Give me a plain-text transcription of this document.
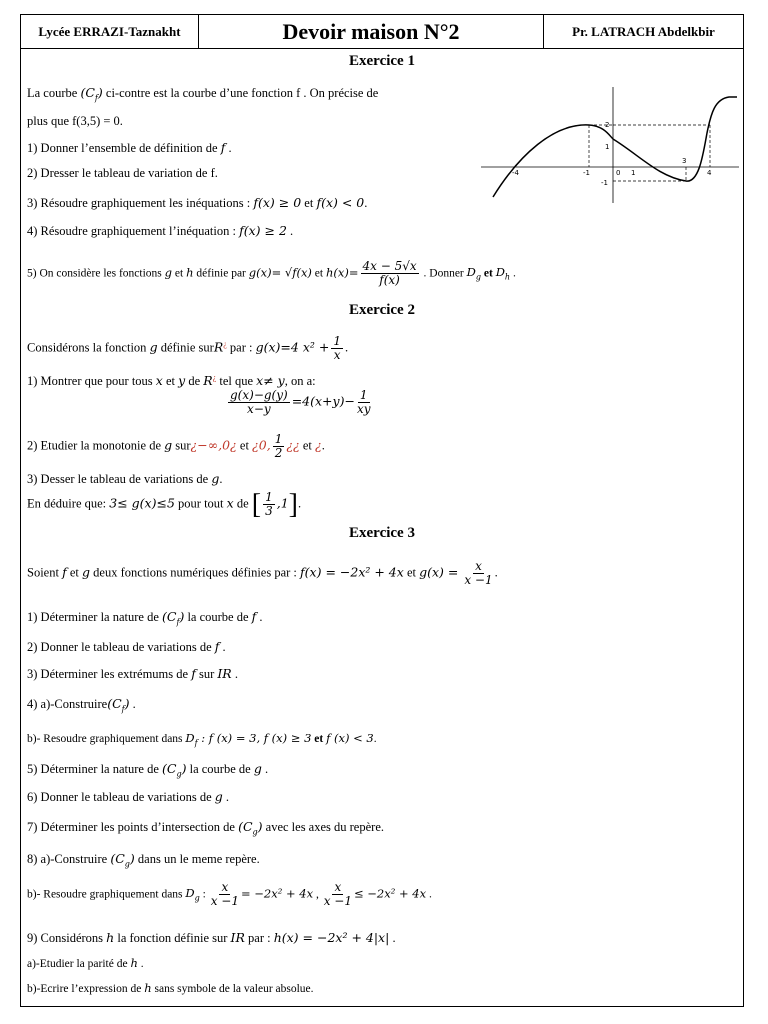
Lycée ERRAZI-Taznakht	Devoir maison N°2	Pr. LATRACH Abdelkbir
Exercice 1
La courbe $(C_f)$ ci-contre est la courbe d’une fonction f . On précise de
plus que f(3,5) = 0.
1) Donner l’ensemble de définition de f .
2) Dresser le tableau de variation de f.
3) Résoudre graphiquement les inéquations : f(x) ≥ 0 et f(x) < 0.
4) Résoudre graphiquement l’inéquation : f(x) ≥ 2 .
5) On considère les fonctions g et h définie par g(x)= √f(x) et $h(x)= \frac{4x - 5√x}{f(x)}$ . Donner $D_g$ et $D_h$ .
-4	-1	0 1
3
4
2
1
-1
Exercice 2
Considérons la fonction g définie surR¿ par : g(x)=4 $x^2 + \frac{1}{x}$ .
1) Montrer que pour tous x et y de R¿ tel que x≠ y, on a:
$\frac{g(x)-g(y)}{x-y} =4(x+y)- \frac{1}{xy}$
2) Etudier la monotonie de g sur¿−∞,0¿ et ¿0, $\frac{1}{2}$ ¿¿ et ¿.
3) Desser le tableau de variations de g.
En déduire que: 3≤ g(x)≤5 pour tout x de [ $\frac{1}{3} ,1$].
Exercice 3
Soient f et g deux fonctions numériques définies par : f(x) = −2x² + 4x et $g(x) = \frac{x}{x -1}$ .
1) Déterminer la nature de $(C_f)$ la courbe de f .
2) Donner le tableau de variations de f .
3) Déterminer les extrémums de f sur IR .
4) $a)-Construire(C_f)$ .
b)- Resoudre graphiquement dans $D_f$ : f (x) = 3, f (x) ≥ 3 et f (x) < 3.
5) Déterminer la nature de $(C_g)$ la courbe de g .
6) Donner le tableau de variations de g .
7) Déterminer les points d’intersection de $(C_g)$ avec les axes du repère.
8) a)-Construire $(C_g)$ dans un le meme repère.
b)- Resoudre graphiquement dans $D_g$ : $\frac{x}{x -1} = -2x^2 + 4x$ , $\frac{x}{x -1} \le -2x^2 + 4x$ .
9) Considérons h la fonction définie sur IR par : h(x) = −2x² + 4|x| .
a)-Etudier la parité de h .
b)-Ecrire l’expression de h sans symbole de la valeur absolue.
